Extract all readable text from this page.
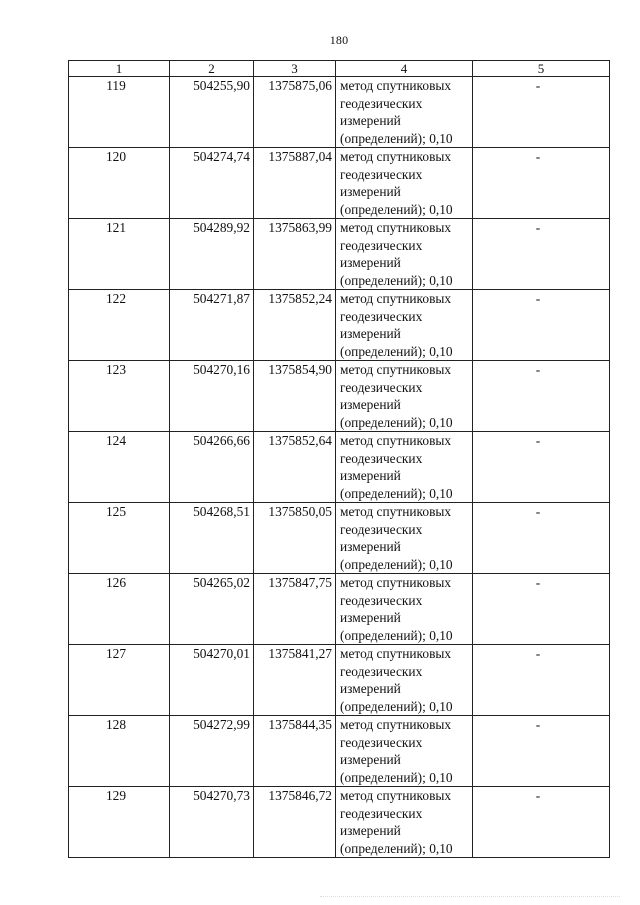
180
1	2	3	4	5
119	504255,90	1375875,06	метод спутниковых геодезических измерений (определений); 0,10	-
120	504274,74	1375887,04	метод спутниковых геодезических измерений (определений); 0,10	-
121	504289,92	1375863,99	метод спутниковых геодезических измерений (определений); 0,10	-
122	504271,87	1375852,24	метод спутниковых геодезических измерений (определений); 0,10	-
123	504270,16	1375854,90	метод спутниковых геодезических измерений (определений); 0,10	-
124	504266,66	1375852,64	метод спутниковых геодезических измерений (определений); 0,10	-
125	504268,51	1375850,05	метод спутниковых геодезических измерений (определений); 0,10	-
126	504265,02	1375847,75	метод спутниковых геодезических измерений (определений); 0,10	-
127	504270,01	1375841,27	метод спутниковых геодезических измерений (определений); 0,10	-
128	504272,99	1375844,35	метод спутниковых геодезических измерений (определений); 0,10	-
129	504270,73	1375846,72	метод спутниковых геодезических измерений (определений); 0,10	-
